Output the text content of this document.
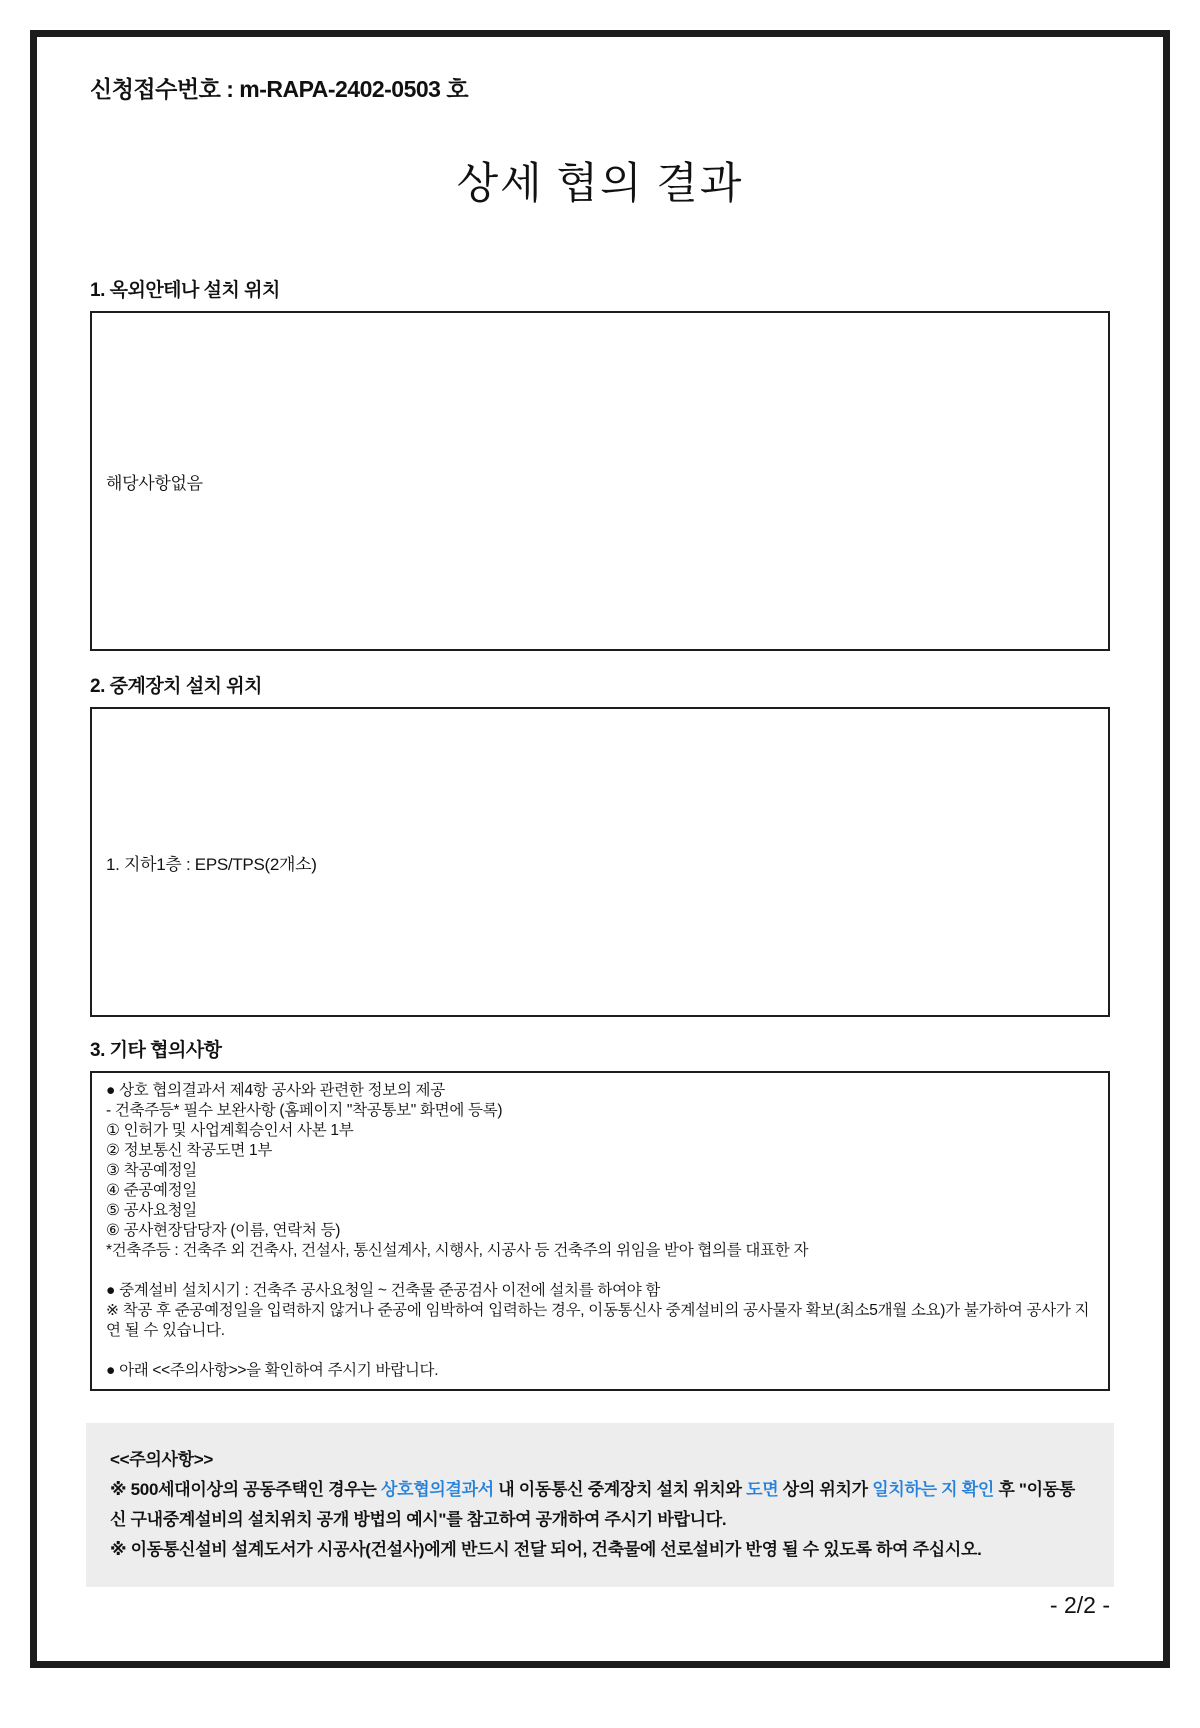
신청접수번호 : m-RAPA-2402-0503 호
상세 협의 결과
1. 옥외안테나 설치 위치
해당사항없음
2. 중계장치 설치 위치
1. 지하1층 : EPS/TPS(2개소)
3. 기타 협의사항
● 상호 협의결과서 제4항 공사와 관련한 정보의 제공
- 건축주등* 필수 보완사항 (홈페이지 "착공통보" 화면에 등록)
① 인허가 및 사업계획승인서 사본 1부
② 정보통신 착공도면 1부
③ 착공예정일
④ 준공예정일
⑤ 공사요청일
⑥ 공사현장담당자 (이름, 연락처 등)
*건축주등 : 건축주 외 건축사, 건설사, 통신설계사, 시행사, 시공사 등 건축주의 위임을 받아 협의를 대표한 자
● 중계설비 설치시기 : 건축주 공사요청일 ~ 건축물 준공검사 이전에 설치를 하여야 함
※ 착공 후 준공예정일을 입력하지 않거나 준공에 임박하여 입력하는 경우, 이동통신사 중계설비의 공사물자 확보(최소5개월 소요)가 불가하여 공사가 지연 될 수 있습니다.
● 아래 <<주의사항>>을 확인하여 주시기 바랍니다.

<<주의사항>>

※ 500세대이상의 공동주택인 경우는 상호협의결과서 내 이동통신 중계장치 설치 위치와 도면 상의 위치가 일치하는 지 확인 후 "이동통신 구내중계설비의 설치위치 공개 방법의 예시"를 참고하여 공개하여 주시기 바랍니다.

※ 이동통신설비 설계도서가 시공사(건설사)에게 반드시 전달 되어, 건축물에 선로설비가 반영 될 수 있도록 하여 주십시오.

- 2/2 -
